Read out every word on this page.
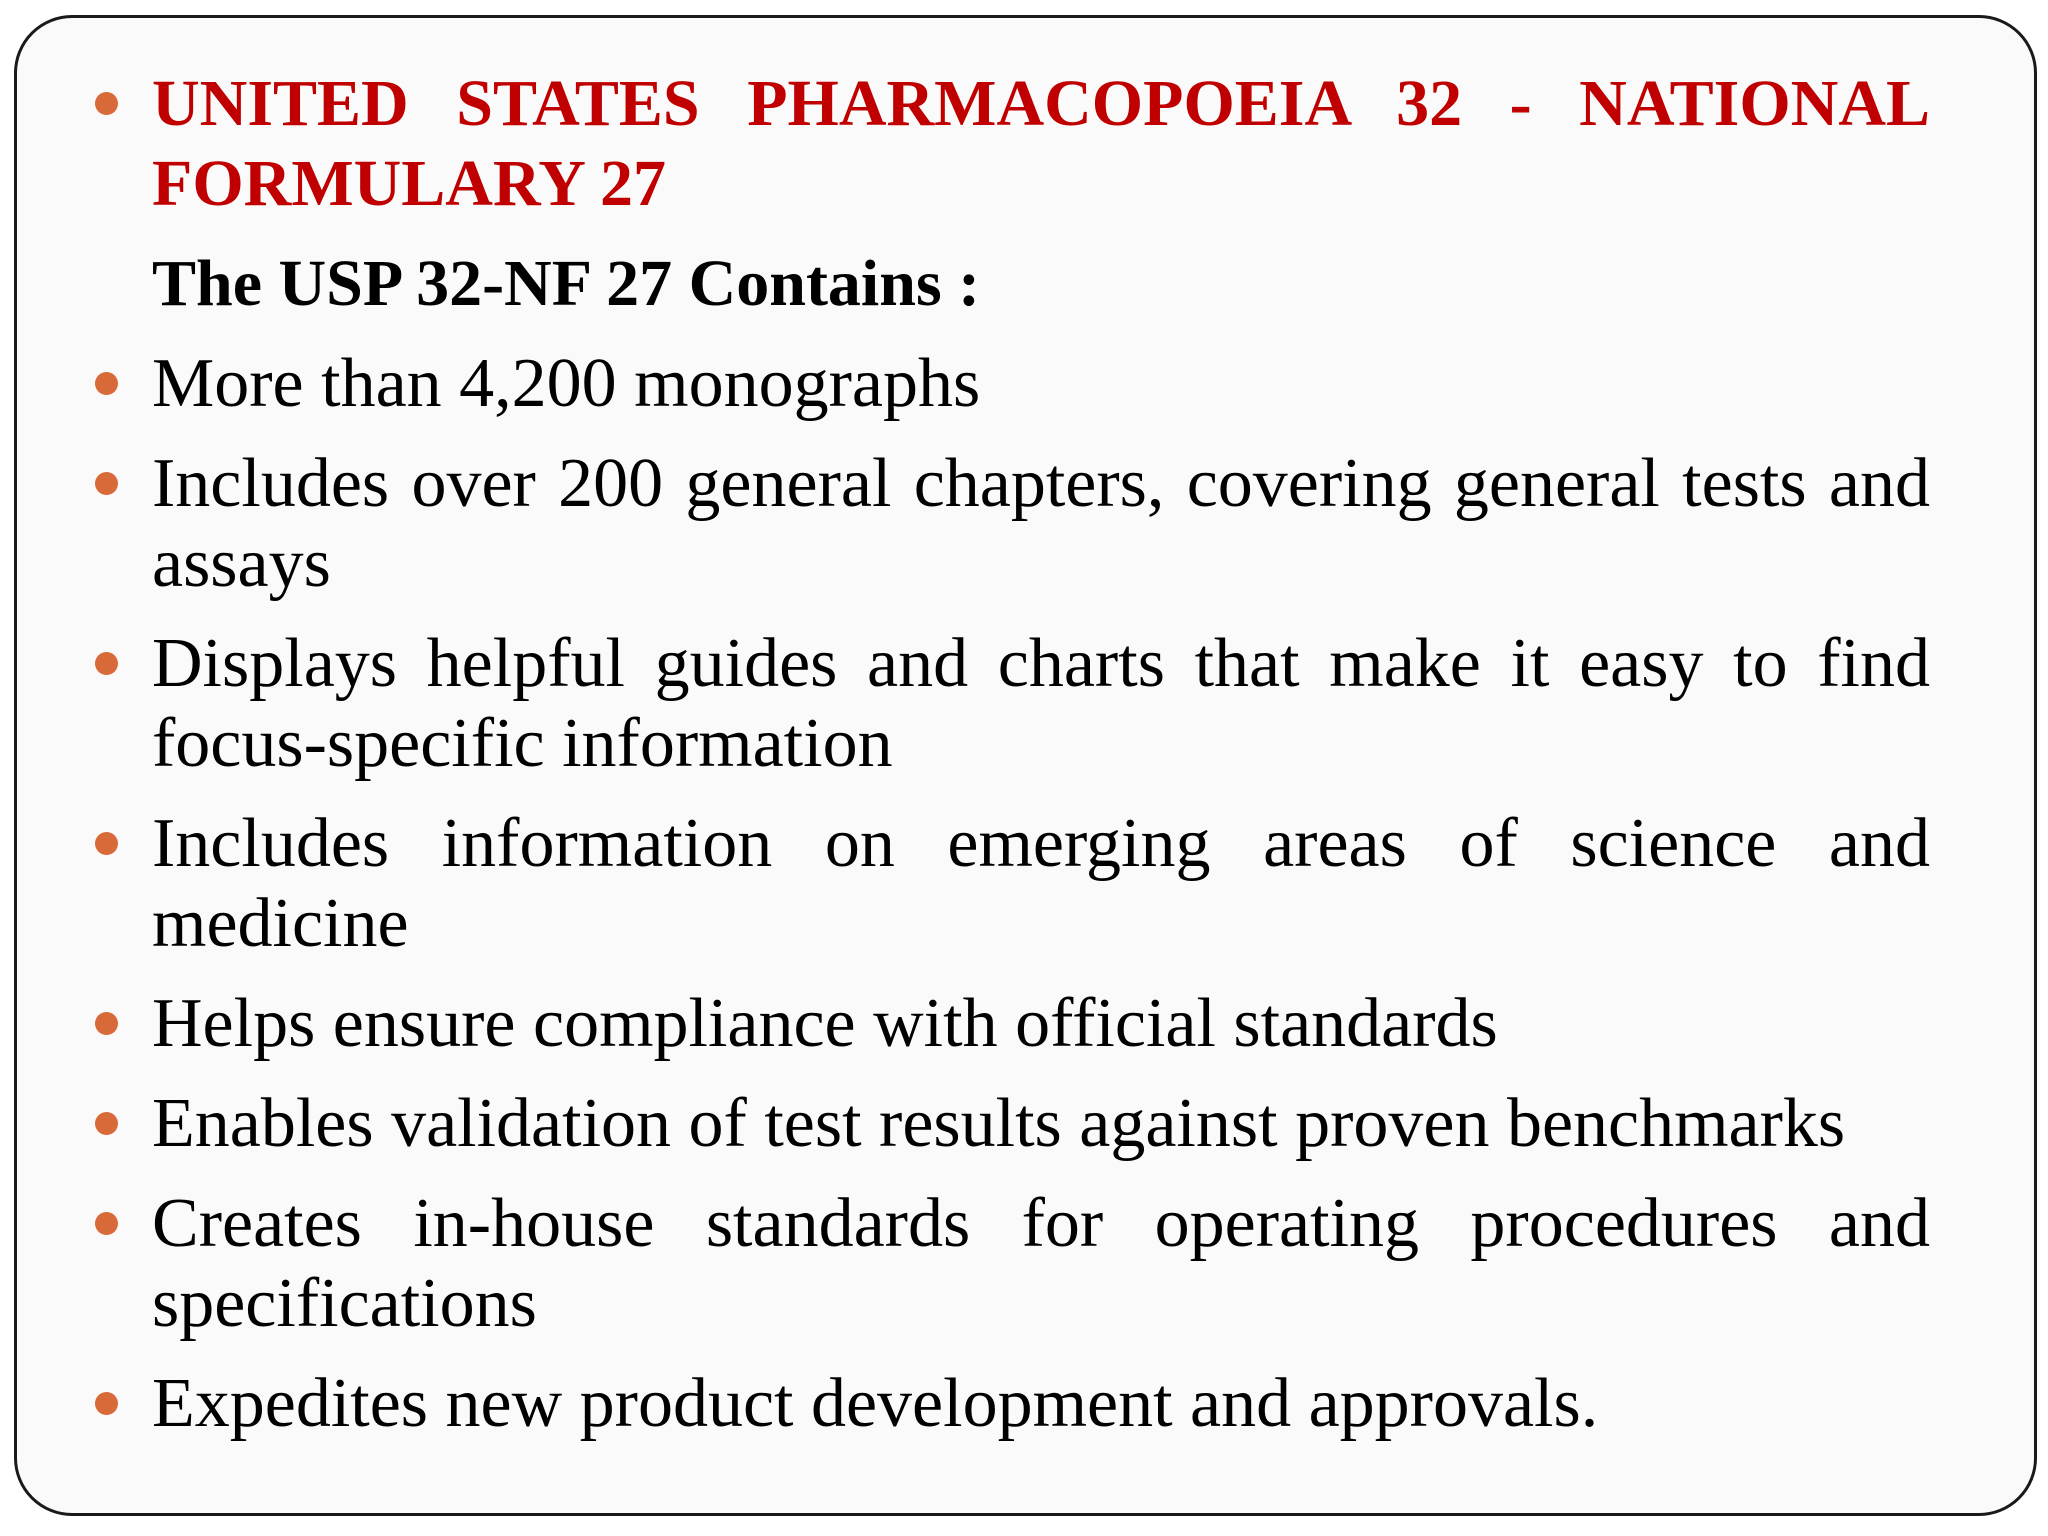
UNITED STATES PHARMACOPOEIA 32 - NATIONAL FORMULARY 27
The USP 32-NF 27 Contains :
More than 4,200 monographs
Includes over 200 general chapters, covering general tests and assays
Displays helpful guides and charts that make it easy to find focus-specific information
Includes information on emerging areas of science and medicine
Helps ensure compliance with official standards
Enables validation of test results against proven benchmarks
Creates in-house standards for operating procedures and specifications
Expedites new product development and approvals.
